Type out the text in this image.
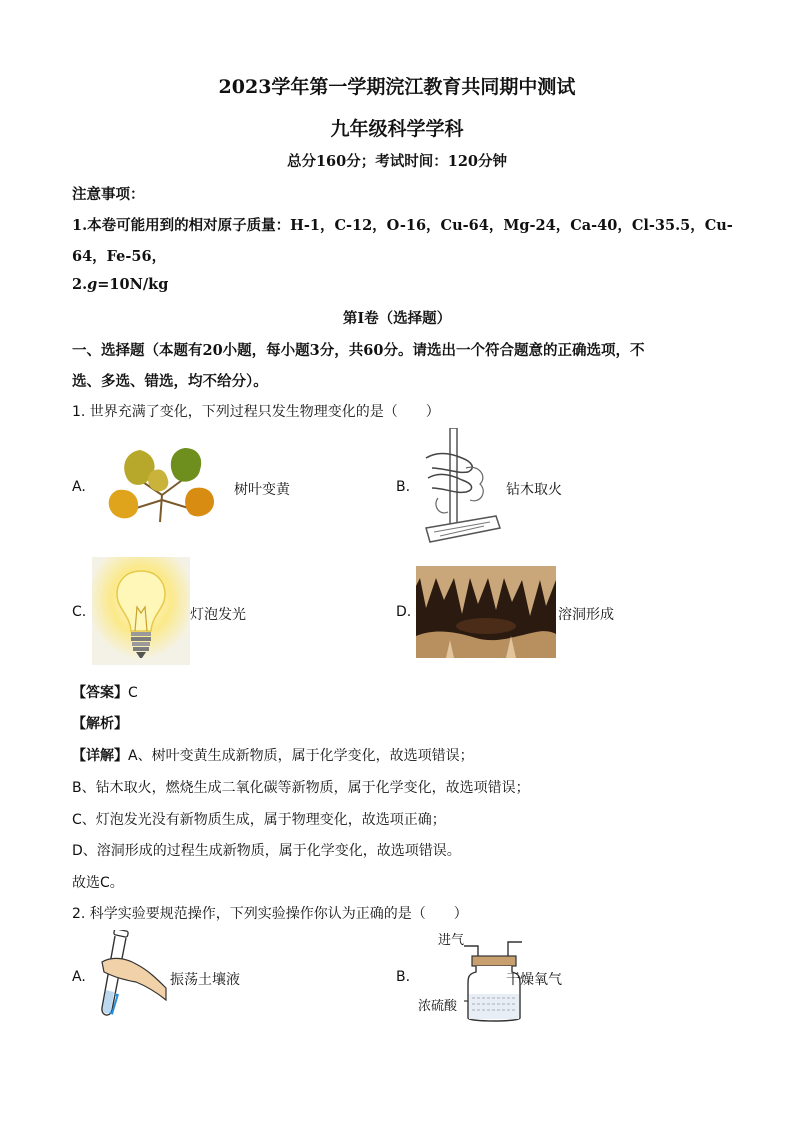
2023学年第一学期浣江教育共同期中测试
九年级科学学科
总分160分；考试时间：120分钟
注意事项：
1.本卷可能用到的相对原子质量：H-1，C-12，O-16，Cu-64，Mg-24，Ca-40，Cl-35.5，Cu-
64，Fe-56，
2.g=10N/kg
第Ⅰ卷（选择题）
一、选择题（本题有20小题，每小题3分，共60分。请选出一个符合题意的正确选项，不
选、多选、错选，均不给分）。
1. 世界充满了变化，下列过程只发生物理变化的是（　　）
A.	树叶变黄	B.	钻木取火
C.	灯泡发光	D.	溶洞形成
【答案】C
【解析】
【详解】A、树叶变黄生成新物质，属于化学变化，故选项错误；
B、钻木取火，燃烧生成二氧化碳等新物质，属于化学变化，故选项错误；
C、灯泡发光没有新物质生成，属于物理变化，故选项正确；
D、溶洞形成的过程生成新物质，属于化学变化，故选项错误。
故选C。
2. 科学实验要规范操作，下列实验操作你认为正确的是（　　）
A.	振荡土壤液	B.
进气
浓硫酸
干燥氧气
